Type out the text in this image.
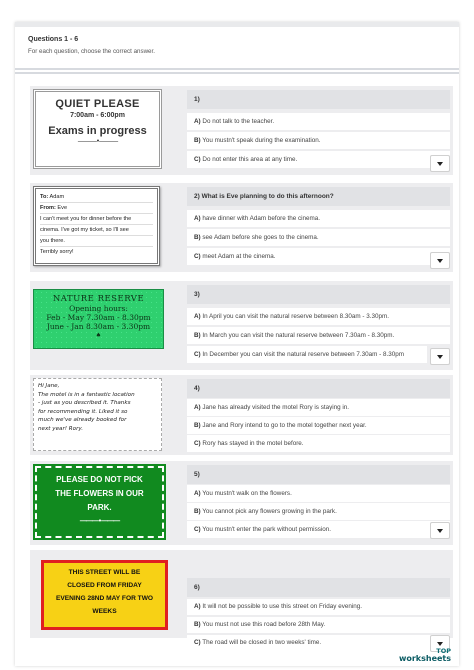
Questions 1 - 6
For each question, choose the correct answer.
QUIET PLEASE
7:00am - 6:00pm
Exams in progress
——— • ———
1)
A) Do not talk to the teacher.
B) You mustn't speak during the examination.
C) Do not enter this area at any time.
To: Adam
From: Eve
I can't meet you for dinner before the
cinema. I've got my ticket, so I'll see
you there.
Terribly sorry!
2) What is Eve planning to do this afternoon?
A) have dinner with Adam before the cinema.
B) see Adam before she goes to the cinema.
C) meet Adam at the cinema.
NATURE RESERVE
Opening hours:
Feb - May 7.30am - 8.30pm
June - Jan 8.30am - 3.30pm
♠
3)
A) In April you can visit the natural reserve between 8.30am - 3.30pm.
B) In March you can visit the natural reserve between 7.30am - 8.30pm.
C) In December you can visit the natural reserve between 7.30am - 8.30pm
Hi Jane,
The motel is in a fantastic location
- just as you described it. Thanks
for recommending it. Liked it so
much we've already booked for
next year! Rory.
4)
A) Jane has already visited the motel Rory is staying in.
B) Jane and Rory intend to go to the motel together next year.
C) Rory has stayed in the motel before.
PLEASE DO NOT PICK
THE FLOWERS IN OUR
PARK.
——— • ———
5)
A) You mustn't walk on the flowers.
B) You cannot pick any flowers growing in the park.
C) You mustn't enter the park without permission.
THIS STREET WILL BE
CLOSED FROM FRIDAY
EVENING 28ND MAY FOR TWO
WEEKS
6)
A) It will not be possible to use this street on Friday evening.
B) You must not use this road before 28th May.
C) The road will be closed in two weeks' time.
TOP
worksheets
